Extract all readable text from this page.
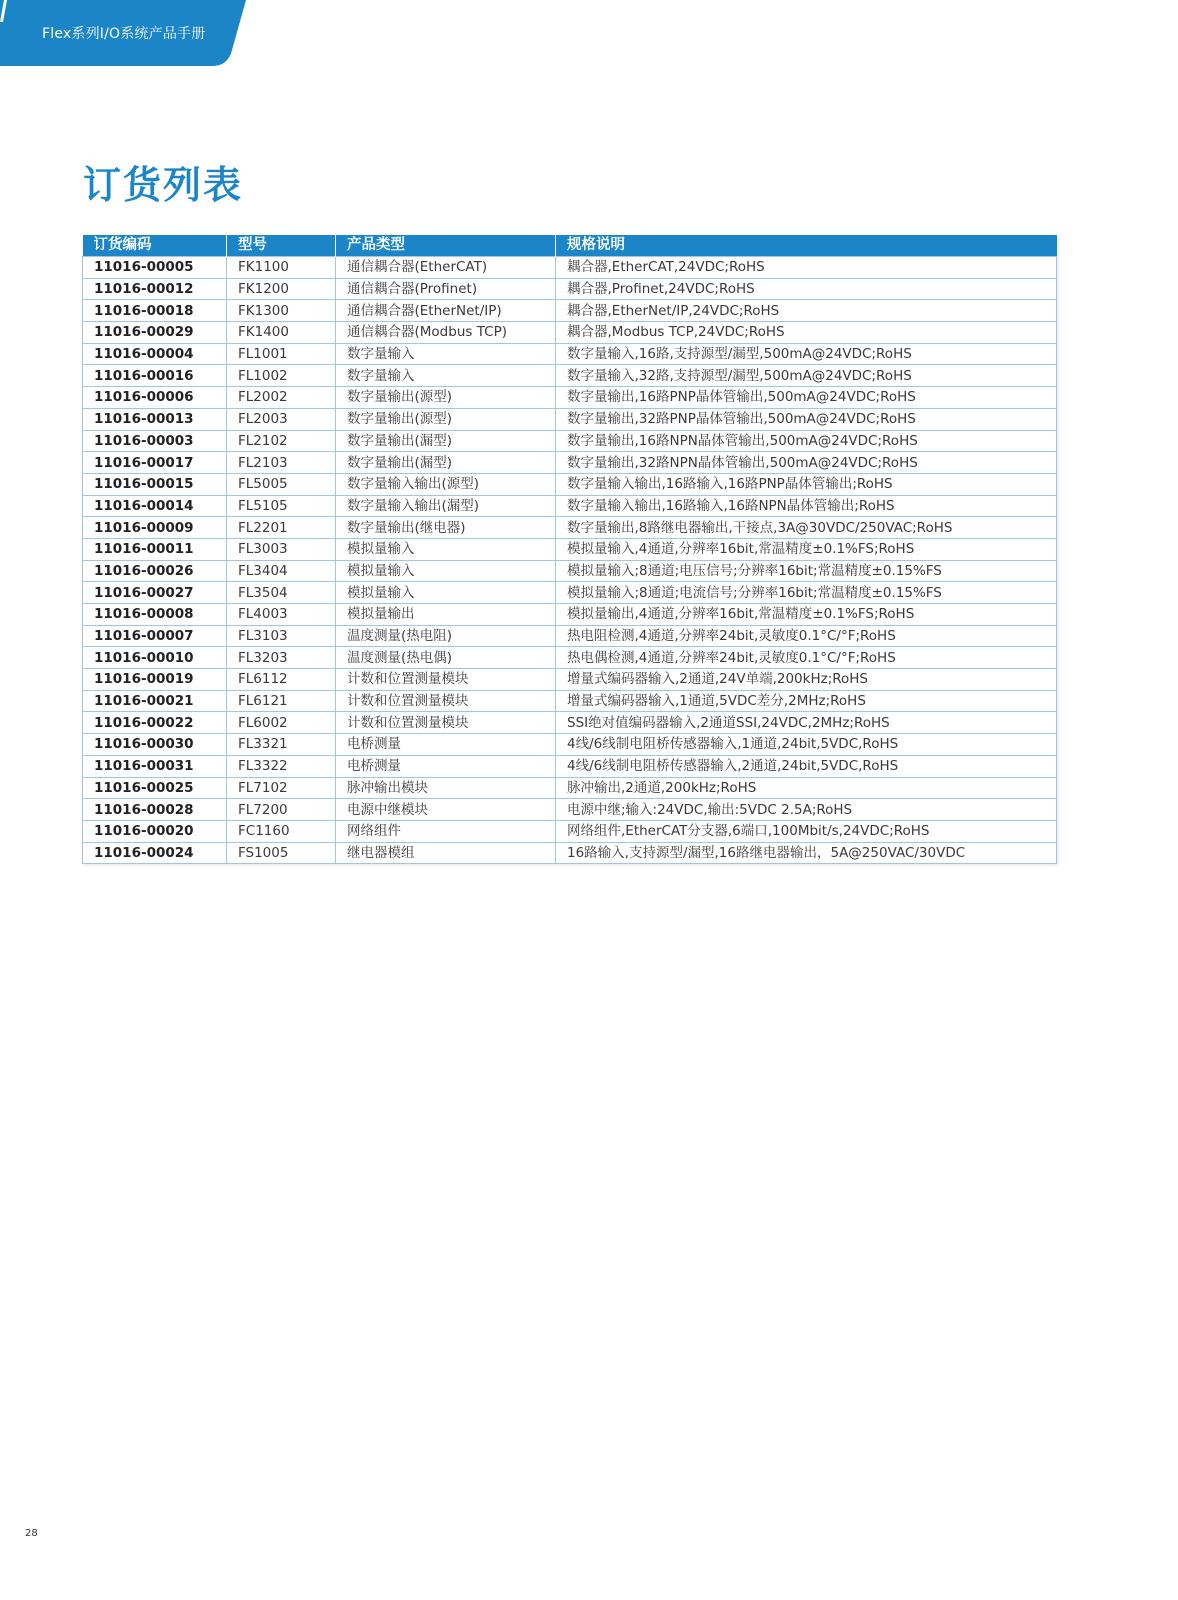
Flex系列I/O系统产品手册
订货列表
订货编码	型号	产品类型	规格说明
11016-00005	FK1100	通信耦合器(EtherCAT)	耦合器,EtherCAT,24VDC;RoHS
11016-00012	FK1200	通信耦合器(Profinet)	耦合器,Profinet,24VDC;RoHS
11016-00018	FK1300	通信耦合器(EtherNet/IP)	耦合器,EtherNet/IP,24VDC;RoHS
11016-00029	FK1400	通信耦合器(Modbus TCP)	耦合器,Modbus TCP,24VDC;RoHS
11016-00004	FL1001	数字量输入	数字量输入,16路,支持源型/漏型,500mA@24VDC;RoHS
11016-00016	FL1002	数字量输入	数字量输入,32路,支持源型/漏型,500mA@24VDC;RoHS
11016-00006	FL2002	数字量输出(源型)	数字量输出,16路PNP晶体管输出,500mA@24VDC;RoHS
11016-00013	FL2003	数字量输出(源型)	数字量输出,32路PNP晶体管输出,500mA@24VDC;RoHS
11016-00003	FL2102	数字量输出(漏型)	数字量输出,16路NPN晶体管输出,500mA@24VDC;RoHS
11016-00017	FL2103	数字量输出(漏型)	数字量输出,32路NPN晶体管输出,500mA@24VDC;RoHS
11016-00015	FL5005	数字量输入输出(源型)	数字量输入输出,16路输入,16路PNP晶体管输出;RoHS
11016-00014	FL5105	数字量输入输出(漏型)	数字量输入输出,16路输入,16路NPN晶体管输出;RoHS
11016-00009	FL2201	数字量输出(继电器)	数字量输出,8路继电器输出,干接点,3A@30VDC/250VAC;RoHS
11016-00011	FL3003	模拟量输入	模拟量输入,4通道,分辨率16bit,常温精度±0.1%FS;RoHS
11016-00026	FL3404	模拟量输入	模拟量输入;8通道;电压信号;分辨率16bit;常温精度±0.15%FS
11016-00027	FL3504	模拟量输入	模拟量输入;8通道;电流信号;分辨率16bit;常温精度±0.15%FS
11016-00008	FL4003	模拟量输出	模拟量输出,4通道,分辨率16bit,常温精度±0.1%FS;RoHS
11016-00007	FL3103	温度测量(热电阻)	热电阻检测,4通道,分辨率24bit,灵敏度0.1°C/°F;RoHS
11016-00010	FL3203	温度测量(热电偶)	热电偶检测,4通道,分辨率24bit,灵敏度0.1°C/°F;RoHS
11016-00019	FL6112	计数和位置测量模块	增量式编码器输入,2通道,24V单端,200kHz;RoHS
11016-00021	FL6121	计数和位置测量模块	增量式编码器输入,1通道,5VDC差分,2MHz;RoHS
11016-00022	FL6002	计数和位置测量模块	SSI绝对值编码器输入,2通道SSI,24VDC,2MHz;RoHS
11016-00030	FL3321	电桥测量	4线/6线制电阻桥传感器输入,1通道,24bit,5VDC,RoHS
11016-00031	FL3322	电桥测量	4线/6线制电阻桥传感器输入,2通道,24bit,5VDC,RoHS
11016-00025	FL7102	脉冲输出模块	脉冲输出,2通道,200kHz;RoHS
11016-00028	FL7200	电源中继模块	电源中继;输入:24VDC,输出:5VDC 2.5A;RoHS
11016-00020	FC1160	网络组件	网络组件,EtherCAT分支器,6端口,100Mbit/s,24VDC;RoHS
11016-00024	FS1005	继电器模组	16路输入,支持源型/漏型,16路继电器输出，5A@250VAC/30VDC
28
